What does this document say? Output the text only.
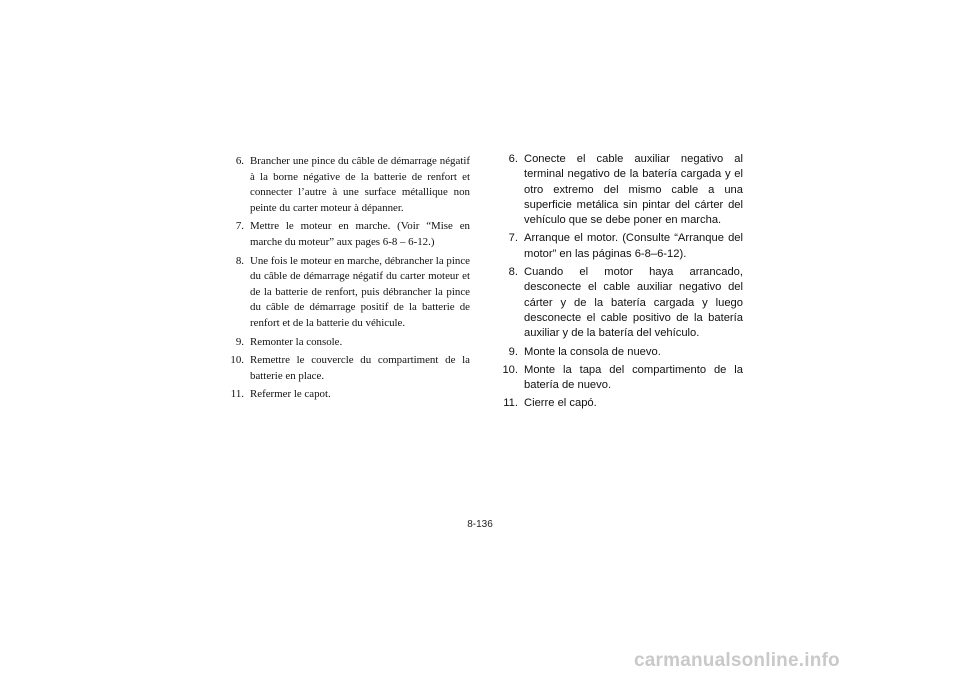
6. Brancher une pince du câble de démarrage négatif à la borne négative de la batterie de renfort et connecter l’autre à une surface métallique non peinte du carter moteur à dépanner.
7. Mettre le moteur en marche. (Voir “Mise en marche du moteur” aux pages 6-8 – 6-12.)
8. Une fois le moteur en marche, débrancher la pince du câble de démarrage négatif du carter moteur et de la batterie de renfort, puis débrancher la pince du câble de démarrage positif de la batterie de renfort et de la batterie du véhicule.
9. Remonter la console.
10. Remettre le couvercle du compartiment de la batterie en place.
11. Refermer le capot.
6. Conecte el cable auxiliar negativo al terminal negativo de la batería cargada y el otro extremo del mismo cable a una superficie metálica sin pintar del cárter del vehículo que se debe poner en marcha.
7. Arranque el motor. (Consulte “Arranque del motor” en las páginas 6-8–6-12).
8. Cuando el motor haya arrancado, desconecte el cable auxiliar negativo del cárter y de la batería cargada y luego desconecte el cable positivo de la batería auxiliar y de la batería del vehículo.
9. Monte la consola de nuevo.
10. Monte la tapa del compartimento de la batería de nuevo.
11. Cierre el capó.
8-136
carmanualsonline.info
